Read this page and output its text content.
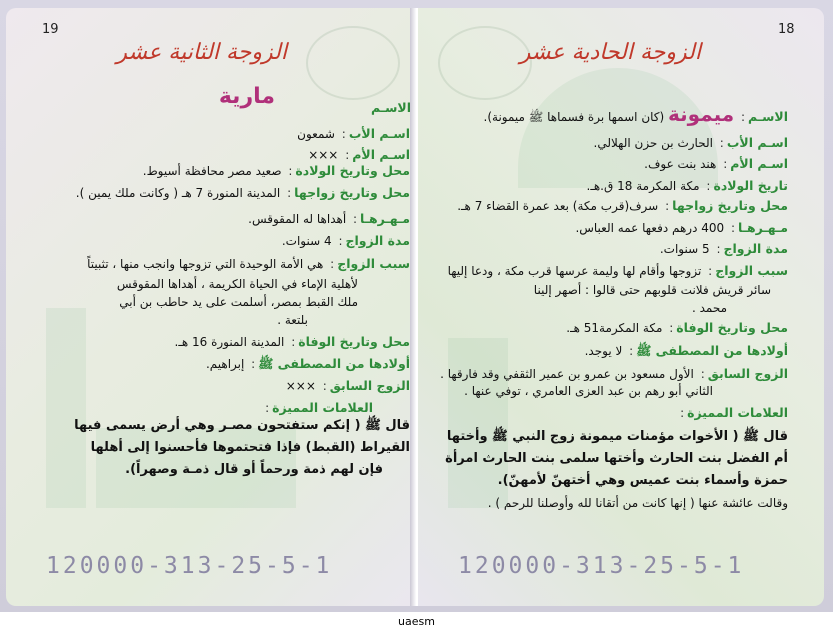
19
الزوجة الثانية عشر
مارية	الاسـم
اسـم الأب: شمعون
اسـم الأم: ×××
محل وتاريخ الولادة: صعيد مصر محافظة أسيوط.
محل وتاريخ زواجها: المدينة المنورة 7 هـ ( وكانت ملك يمين ).
مـهـرهـا: أهداها له المقوقس.
مدة الزواج: 4 سنوات.
سبب الزواج: هي الأمة الوحيدة التي تزوجها وانجب منها ، تثبيتاً
لأهلية الإماء في الحياة الكريمة ، أهداها المقوقس
ملك القبط بمصر، أسلمت على يد حاطب بن أبي
بلتعة .
محل وتاريخ الوفاة: المدينة المنورة 16 هـ.
أولادها من المصطفى ﷺ: إبراهيم.
الزوج السابق: ×××
العلامات المميزة:
قال ﷺ ( إنكم ستفتحون مصـر وهي أرض يسمى فيها
القيراط (القبط) فإذا فتحتموها فأحسنوا إلى أهلها
فإن لهم ذمة ورحماً أو قال ذمـة وصهراً).
120000-313-25-5-1
18
الزوجة الحادية عشر
الاسـم: ميمونة (كان اسمها برة فسماها ﷺ ميمونة).
اسـم الأب: الحارث بن حزن الهلالي.
اسـم الأم: هند بنت عوف.
تاريخ الولادة: مكة المكرمة 18 ق.هـ.
محل وتاريخ زواجها: سرف(قرب مكة) بعد عمرة القضاء 7 هـ.
مـهـرهـا: 400 درهم دفعها عمه العباس.
مدة الزواج: 5 سنوات.
سبب الزواج: تزوجها وأقام لها وليمة عرسها قرب مكة ، ودعا إليها
سائر قريش فلانت قلوبهم حتى قالوا : أصهر إلينا
محمد .
محل وتاريخ الوفاة: مكة المكرمة51 هـ.
أولادها من المصطفى ﷺ: لا يوجد.
الزوج السابق: الأول مسعود بن عمرو بن عمير الثقفي وقد فارقها .
الثاني أبو رهم بن عبد العزى العامري ، توفي عنها .
العلامات المميزة:
قال ﷺ ( الأخوات مؤمنات ميمونة زوج النبي ﷺ وأختها
أم الفضل بنت الحارث وأختها سلمى بنت الحارث امرأة
حمزة وأسماء بنت عميس وهي أختهنّ لأمهنّ).
وقالت عائشة عنها ( إنها كانت من أتقانا لله وأوصلنا للرحم ) .
120000-313-25-5-1
uaesm
